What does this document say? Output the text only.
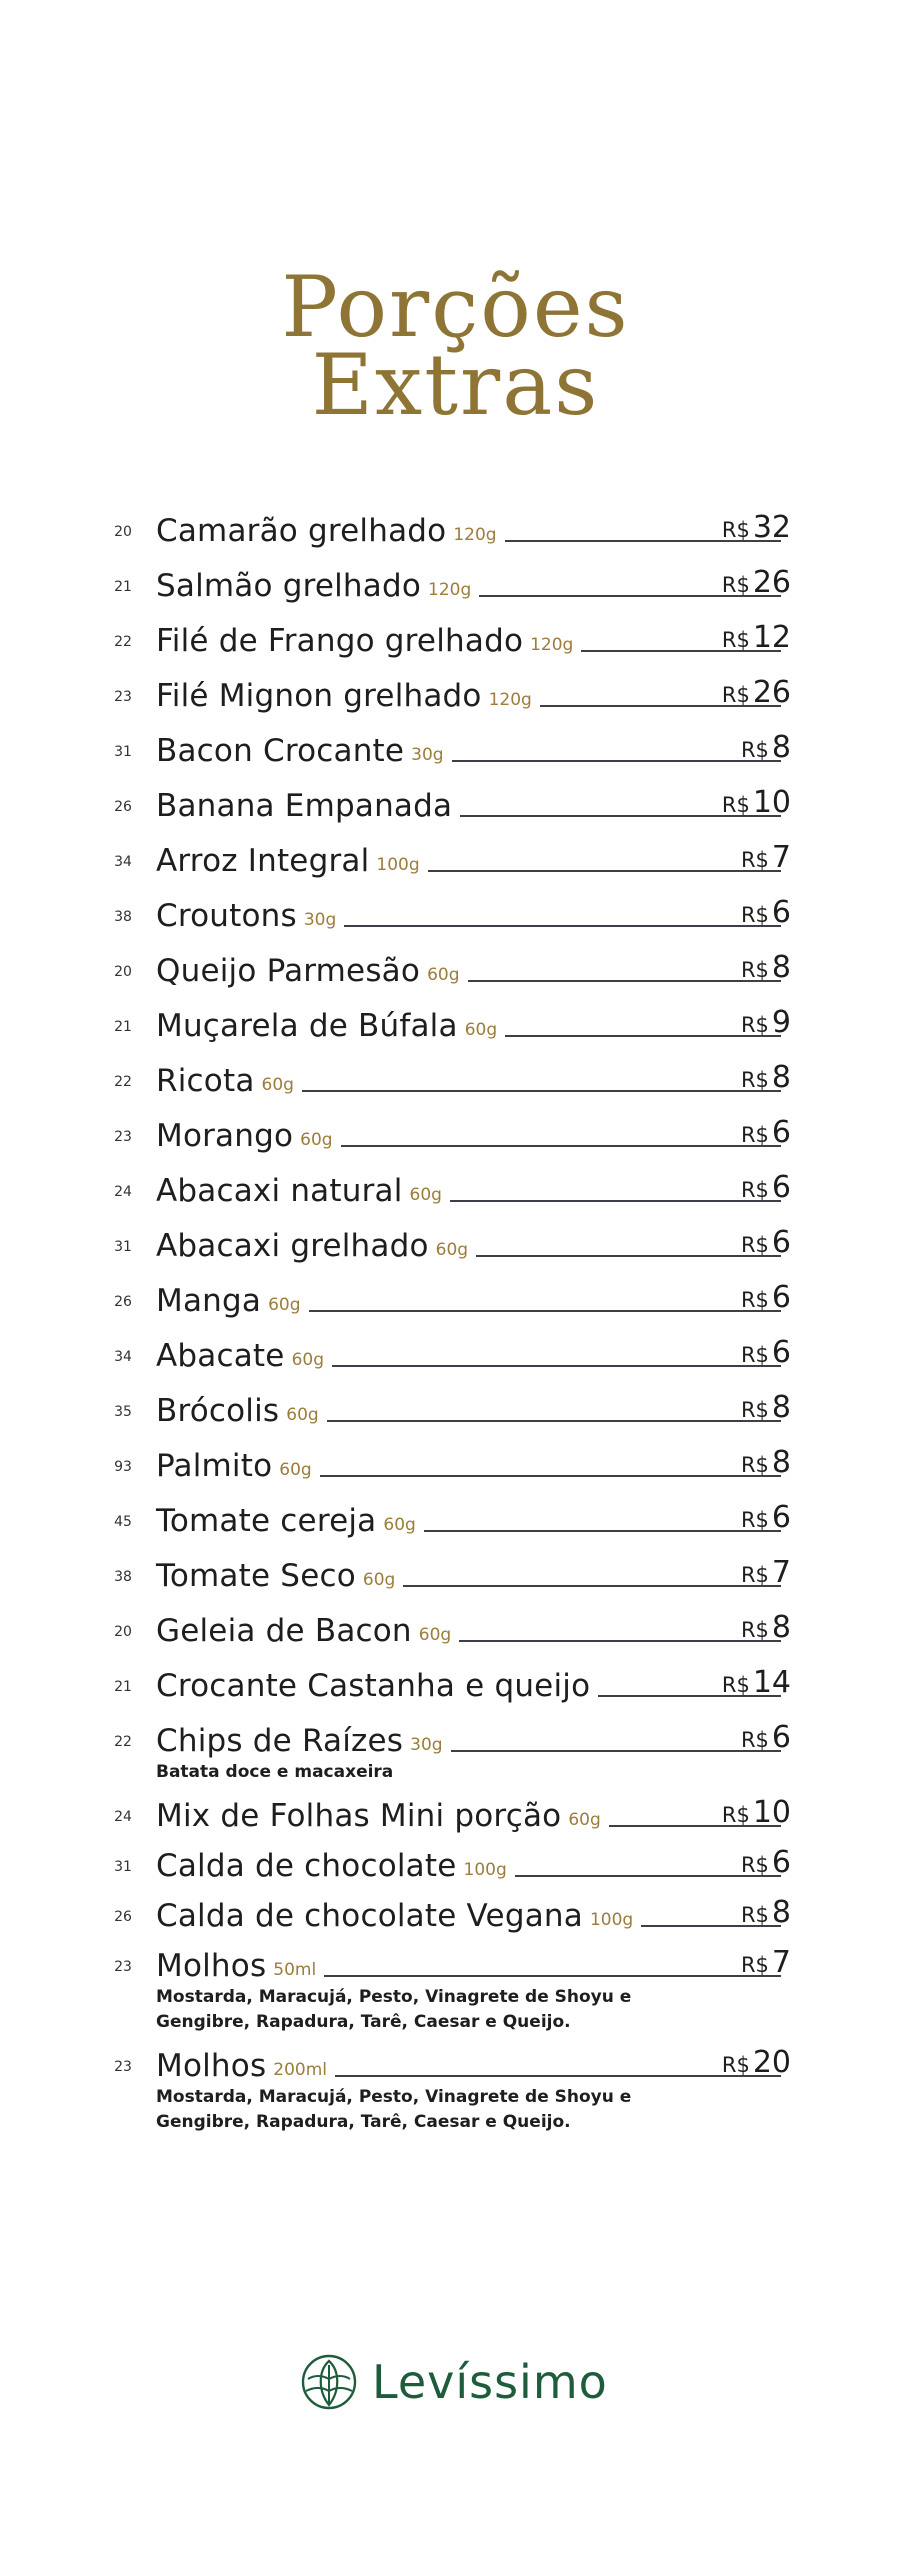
Porções
Extras
20 Camarão grelhado 120g	R$ 32
21 Salmão grelhado 120g	R$ 26
22 Filé de Frango grelhado 120g	R$ 12
23 Filé Mignon grelhado 120g	R$ 26
31 Bacon Crocante 30g	R$ 8
26 Banana Empanada	R$ 10
34 Arroz Integral 100g	R$ 7
38 Croutons 30g	R$ 6
20 Queijo Parmesão 60g	R$ 8
21 Muçarela de Búfala 60g	R$ 9
22 Ricota 60g	R$ 8
23 Morango 60g	R$ 6
24 Abacaxi natural 60g	R$ 6
31 Abacaxi grelhado 60g	R$ 6
26 Manga 60g	R$ 6
34 Abacate 60g	R$ 6
35 Brócolis 60g	R$ 8
93 Palmito 60g	R$ 8
45 Tomate cereja 60g	R$ 6
38 Tomate Seco 60g	R$ 7
20 Geleia de Bacon 60g	R$ 8
21 Crocante Castanha e queijo	R$ 14
22 Chips de Raízes 30g	R$ 6
Batata doce e macaxeira
24 Mix de Folhas Mini porção 60g	R$ 10
31 Calda de chocolate 100g	R$ 6
26 Calda de chocolate Vegana 100g	R$ 8
23 Molhos 50ml	R$ 7
Mostarda, Maracujá, Pesto, Vinagrete de Shoyu e Gengibre, Rapadura, Tarê, Caesar e Queijo.
23 Molhos 200ml	R$ 20
Mostarda, Maracujá, Pesto, Vinagrete de Shoyu e Gengibre, Rapadura, Tarê, Caesar e Queijo.
Levíssimo
